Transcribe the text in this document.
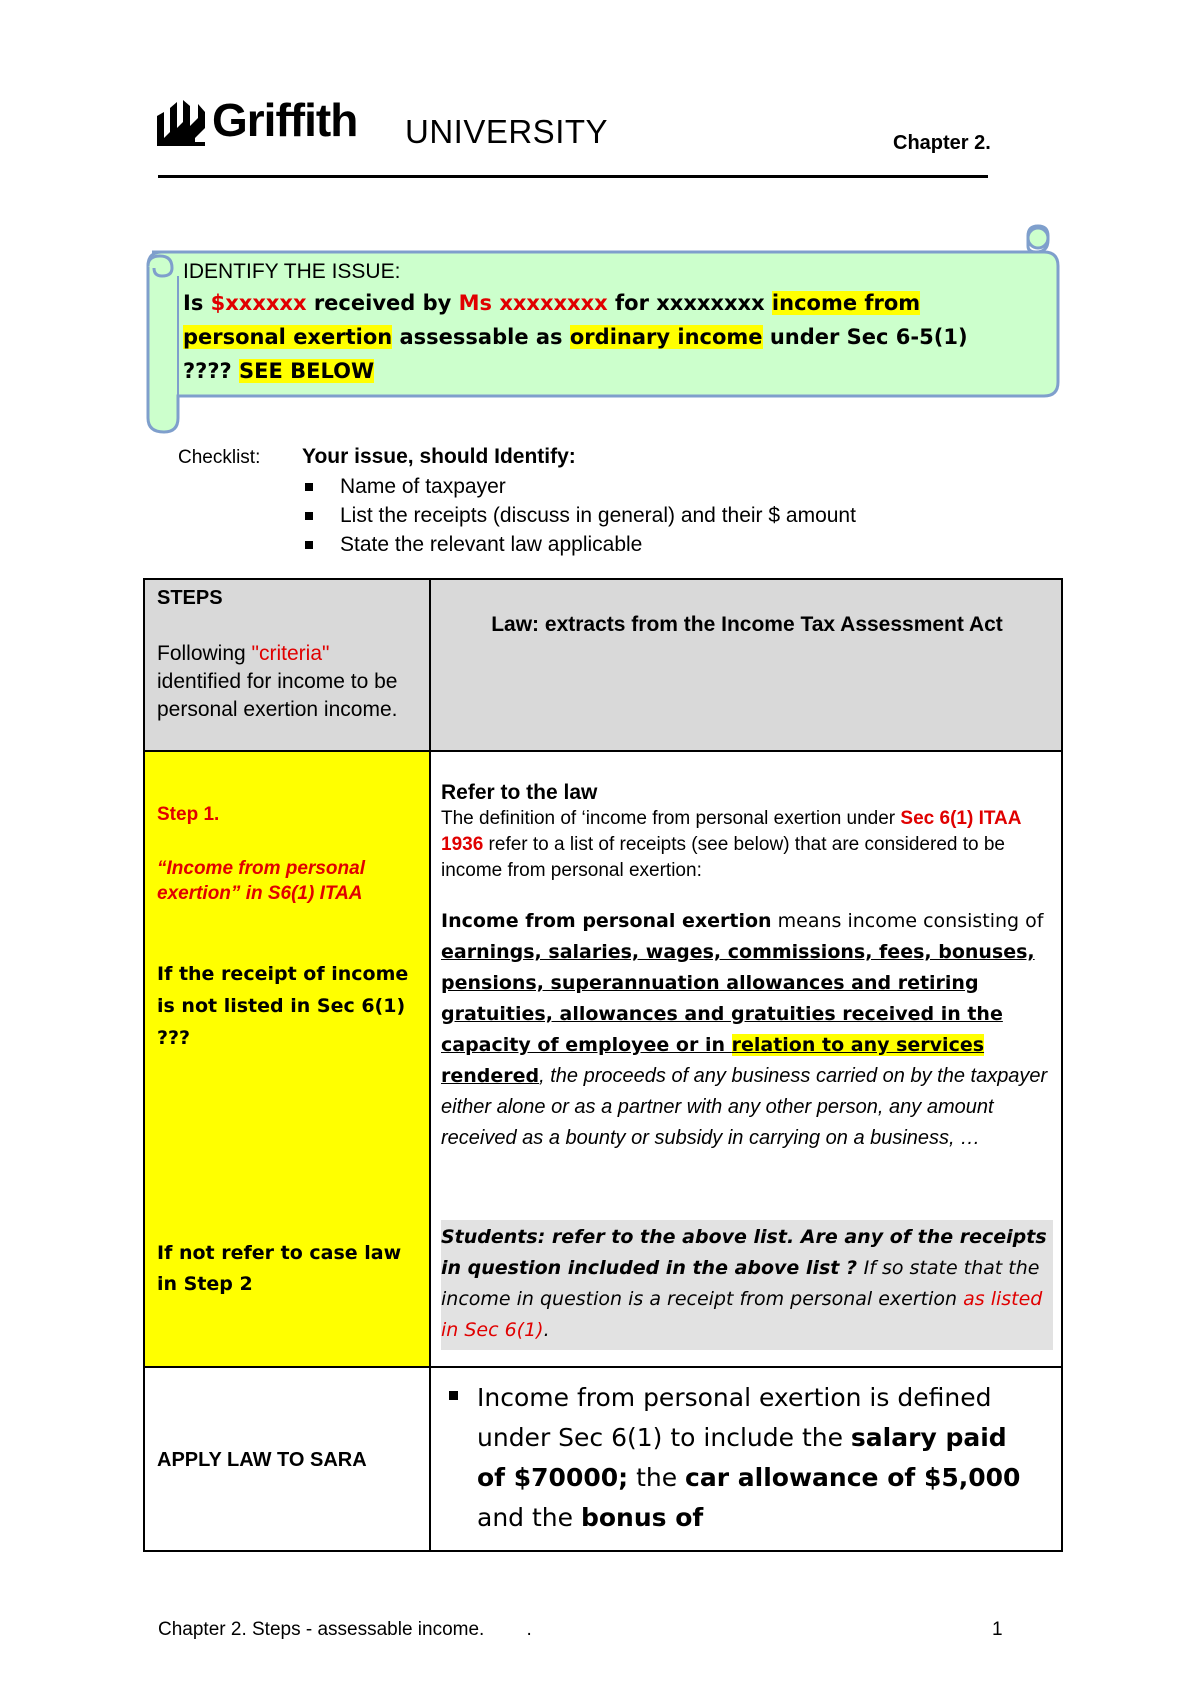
Griffith UNIVERSITY	Chapter 2.
IDENTIFY THE ISSUE:
Is $xxxxxx received by Ms xxxxxxxx for xxxxxxxx income from personal exertion assessable as ordinary income under Sec 6-5(1) ???? SEE BELOW
Checklist: Your issue, should Identify:
Name of taxpayer
List the receipts (discuss in general) and their $ amount
State the relevant law applicable
STEPS
Following "criteria" identified for income to be personal exertion income.
Law: extracts from the Income Tax Assessment Act
Step 1.
“Income from personal exertion” in S6(1) ITAA
If the receipt of income is not listed in Sec 6(1) ???
If not refer to case law in Step 2
Refer to the law
The definition of ‘income from personal exertion under Sec 6(1) ITAA 1936 refer to a list of receipts (see below) that are considered to be income from personal exertion:
Income from personal exertion means income consisting of earnings, salaries, wages, commissions, fees, bonuses, pensions, superannuation allowances and retiring gratuities, allowances and gratuities received in the capacity of employee or in relation to any services rendered, the proceeds of any business carried on by the taxpayer either alone or as a partner with any other person, any amount received as a bounty or subsidy in carrying on a business, …
Students: refer to the above list. Are any of the receipts in question included in the above list ? If so state that the income in question is a receipt from personal exertion as listed in Sec 6(1).
APPLY LAW TO SARA
Income from personal exertion is defined under Sec 6(1) to include the salary paid of $70000; the car allowance of $5,000 and the bonus of
Chapter 2. Steps - assessable income.        .	1
